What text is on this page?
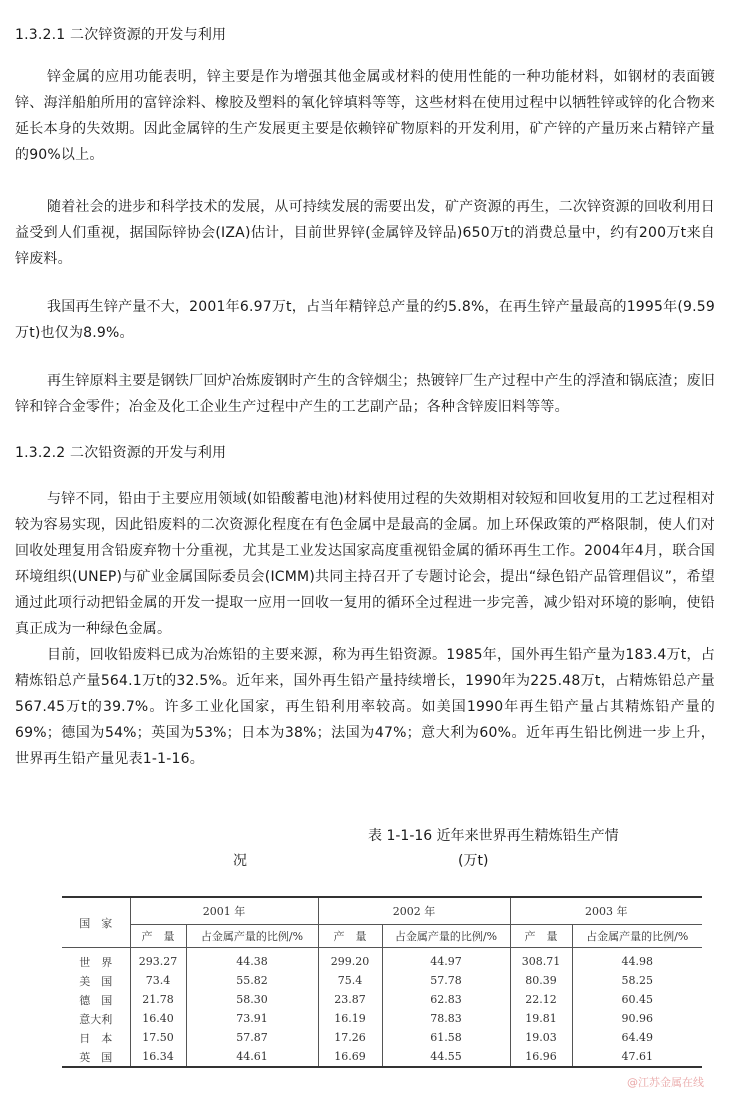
1.3.2.1 二次锌资源的开发与利用

锌金属的应用功能表明，锌主要是作为增强其他金属或材料的使用性能的一种功能材料，如钢材的表面镀锌、海洋船舶所用的富锌涂料、橡胶及塑料的氧化锌填料等等，这些材料在使用过程中以牺牲锌或锌的化合物来延长本身的失效期。因此金属锌的生产发展更主要是依赖锌矿物原料的开发利用，矿产锌的产量历来占精锌产量的90%以上。

随着社会的进步和科学技术的发展，从可持续发展的需要出发，矿产资源的再生，二次锌资源的回收利用日益受到人们重视，据国际锌协会(IZA)估计，目前世界锌(金属锌及锌品)650万t的消费总量中，约有200万t来自锌废料。

我国再生锌产量不大，2001年6.97万t，占当年精锌总产量的约5.8%，在再生锌产量最高的1995年(9.59万t)也仅为8.9%。

再生锌原料主要是钢铁厂回炉冶炼废钢时产生的含锌烟尘；热镀锌厂生产过程中产生的浮渣和锅底渣；废旧锌和锌合金零件；冶金及化工企业生产过程中产生的工艺副产品；各种含锌废旧料等等。

1.3.2.2 二次铅资源的开发与利用

与锌不同，铅由于主要应用领域(如铅酸蓄电池)材料使用过程的失效期相对较短和回收复用的工艺过程相对较为容易实现，因此铅废料的二次资源化程度在有色金属中是最高的金属。加上环保政策的严格限制，使人们对回收处理复用含铅废弃物十分重视，尤其是工业发达国家高度重视铅金属的循环再生工作。2004年4月，联合国环境组织(UNEP)与矿业金属国际委员会(ICMM)共同主持召开了专题讨论会，提出“绿色铅产品管理倡议”，希望通过此项行动把铅金属的开发一提取一应用一回收一复用的循环全过程进一步完善，减少铅对环境的影响，使铅真正成为一种绿色金属。

目前，回收铅废料已成为冶炼铅的主要来源，称为再生铅资源。1985年，国外再生铅产量为183.4万t，占精炼铅总产量564.1万t的32.5%。近年来，国外再生铅产量持续增长，1990年为225.48万t，占精炼铅总产量567.45万t的39.7%。许多工业化国家，再生铅利用率较高。如美国1990年再生铅产量占其精炼铅产量的69%；德国为54%；英国为53%；日本为38%；法国为47%；意大利为60%。近年再生铅比例进一步上升，世界再生铅产量见表1-1-16。

表 1-1-16 近年来世界再生精炼铅生产情
况	(万t)
国　家	2001 年		2002 年		2003 年	
	产　量	占金属产量的比例/%	产　量	占金属产量的比例/%	产　量	占金属产量的比例/%
世　界	293.27	44.38	299.20	44.97	308.71	44.98
美　国	73.4	55.82	75.4	57.78	80.39	58.25
德　国	21.78	58.30	23.87	62.83	22.12	60.45
意大利	16.40	73.91	16.19	78.83	19.81	90.96
日　本	17.50	57.87	17.26	61.58	19.03	64.49
英　国	16.34	44.61	16.69	44.55	16.96	47.61
@江苏金属在线
